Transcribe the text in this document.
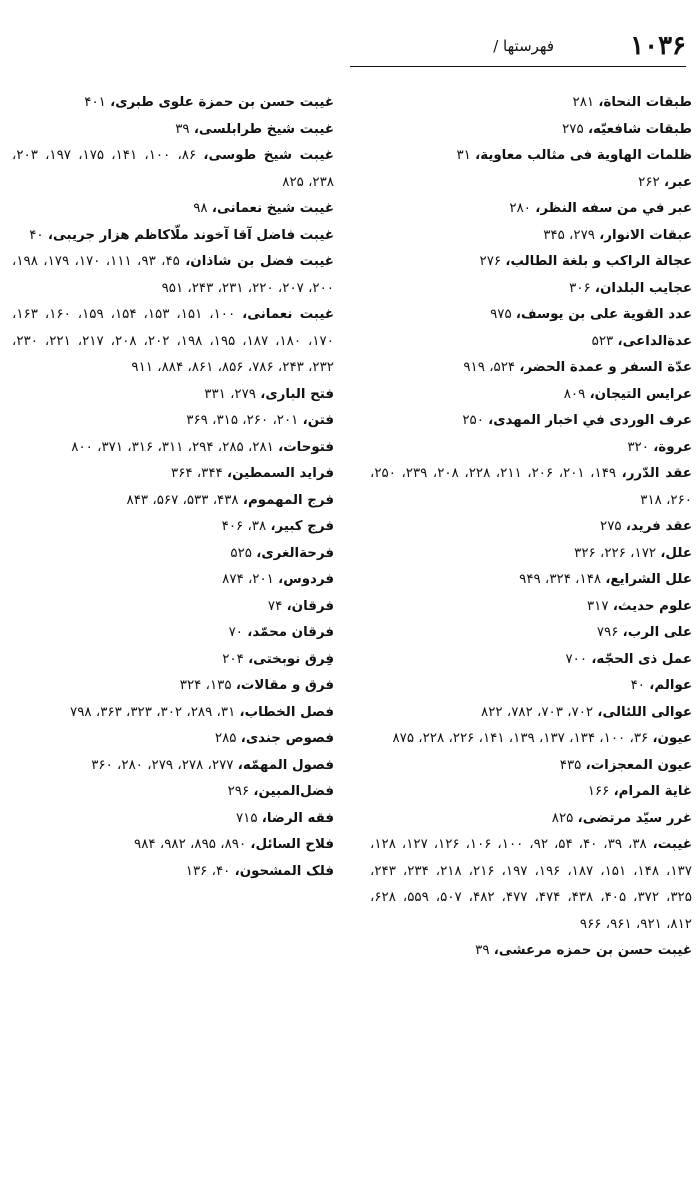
۱۰۳۶
فهرستها /
طبقات النحاة، ۲۸۱
طبقات شافعيّه، ۲۷۵
ظلمات الهاوية فى مثالب معاوية، ۳۱
عبر، ۲۶۲
عبر في من سفه النظر، ۲۸۰
عبقات الانوار، ۲۷۹، ۳۴۵
عجالة الراكب و بلغة الطالب، ۲۷۶
عجايب البلدان، ۳۰۶
عدد القوية على بن يوسف، ۹۷۵
عدةالداعى، ۵۲۳
عدّة السفر و عمدة الحضر، ۵۲۴، ۹۱۹
عرايس التيجان، ۸۰۹
عرف الوردى في اخبار المهدى، ۲۵۰
عروة، ۳۲۰
عقد الدّرر، ۱۴۹، ۲۰۱، ۲۰۶، ۲۱۱، ۲۲۸، ۲۰۸، ۲۳۹، ۲۵۰، ۲۶۰، ۳۱۸
عقد فريد، ۲۷۵
علل، ۱۷۲، ۲۲۶، ۳۲۶
علل الشرايع، ۱۴۸، ۳۲۴، ۹۴۹
علوم حديث، ۳۱۷
على الرب، ۷۹۶
عمل ذى الحجّه، ۷۰۰
عوالم، ۴۰
عوالى اللئالى، ۷۰۲، ۷۰۳، ۷۸۲، ۸۲۲
عيون، ۳۶، ۱۰۰، ۱۳۴، ۱۳۷، ۱۳۹، ۱۴۱، ۲۲۶، ۲۲۸، ۸۷۵
عيون المعجزات، ۴۳۵
غاية المرام، ۱۶۶
غرر سيّد مرتضى، ۸۲۵
غيبت، ۳۸، ۳۹، ۴۰، ۵۴، ۹۲، ۱۰۰، ۱۰۶، ۱۲۶، ۱۲۷، ۱۲۸، ۱۳۷، ۱۴۸، ۱۵۱، ۱۸۷، ۱۹۶، ۱۹۷، ۲۱۶، ۲۱۸، ۲۳۴، ۲۴۳، ۳۲۵، ۳۷۲، ۴۰۵، ۴۳۸، ۴۷۴، ۴۷۷، ۴۸۲، ۵۰۷، ۵۵۹، ۶۲۸، ۸۱۲، ۹۲۱، ۹۶۱، ۹۶۶
غيبت حسن بن حمزه مرعشى، ۳۹
غيبت حسن بن حمزة علوى طبرى، ۴۰۱
غيبت شيخ طرابلسى، ۳۹
غيبت شيخ طوسى، ۸۶، ۱۰۰، ۱۴۱، ۱۷۵، ۱۹۷، ۲۰۳، ۲۳۸، ۸۲۵
غيبت شيخ نعمانى، ۹۸
غيبت فاضل آقا آخوند ملّاكاظم هزار جريبى، ۴۰
غيبت فضل بن شاذان، ۴۵، ۹۳، ۱۱۱، ۱۷۰، ۱۷۹، ۱۹۸، ۲۰۰، ۲۰۷، ۲۲۰، ۲۳۱، ۲۴۳، ۹۵۱
غيبت نعمانى، ۱۰۰، ۱۵۱، ۱۵۳، ۱۵۴، ۱۵۹، ۱۶۰، ۱۶۳، ۱۷۰، ۱۸۰، ۱۸۷، ۱۹۵، ۱۹۸، ۲۰۲، ۲۰۸، ۲۱۷، ۲۲۱، ۲۳۰، ۲۳۲، ۲۴۳، ۷۸۶، ۸۵۶، ۸۶۱، ۸۸۴، ۹۱۱
فتح البارى، ۲۷۹، ۳۳۱
فتن، ۲۰۱، ۲۶۰، ۳۱۵، ۳۶۹
فتوحات، ۲۸۱، ۲۸۵، ۲۹۴، ۳۱۱، ۳۱۶، ۳۷۱، ۸۰۰
فرايد السمطين، ۳۴۴، ۳۶۴
فرج المهموم، ۴۳۸، ۵۳۳، ۵۶۷، ۸۴۳
فرج كبير، ۳۸، ۴۰۶
فرحةالغرى، ۵۲۵
فردوس، ۲۰۱، ۸۷۴
فرقان، ۷۴
فرقان محمّد، ۷۰
فِرق نوبختى، ۲۰۴
فرق و مقالات، ۱۳۵، ۳۲۴
فصل الخطاب، ۳۱، ۲۸۹، ۳۰۲، ۳۲۳، ۳۶۳، ۷۹۸
فصوص جندى، ۲۸۵
فصول المهمّه، ۲۷۷، ۲۷۸، ۲۷۹، ۲۸۰، ۳۶۰
فضل‌المبين، ۲۹۶
فقه الرضا، ۷۱۵
فلاح السائل، ۸۹۰، ۸۹۵، ۹۸۲، ۹۸۴
فلک المشحون، ۴۰، ۱۳۶
